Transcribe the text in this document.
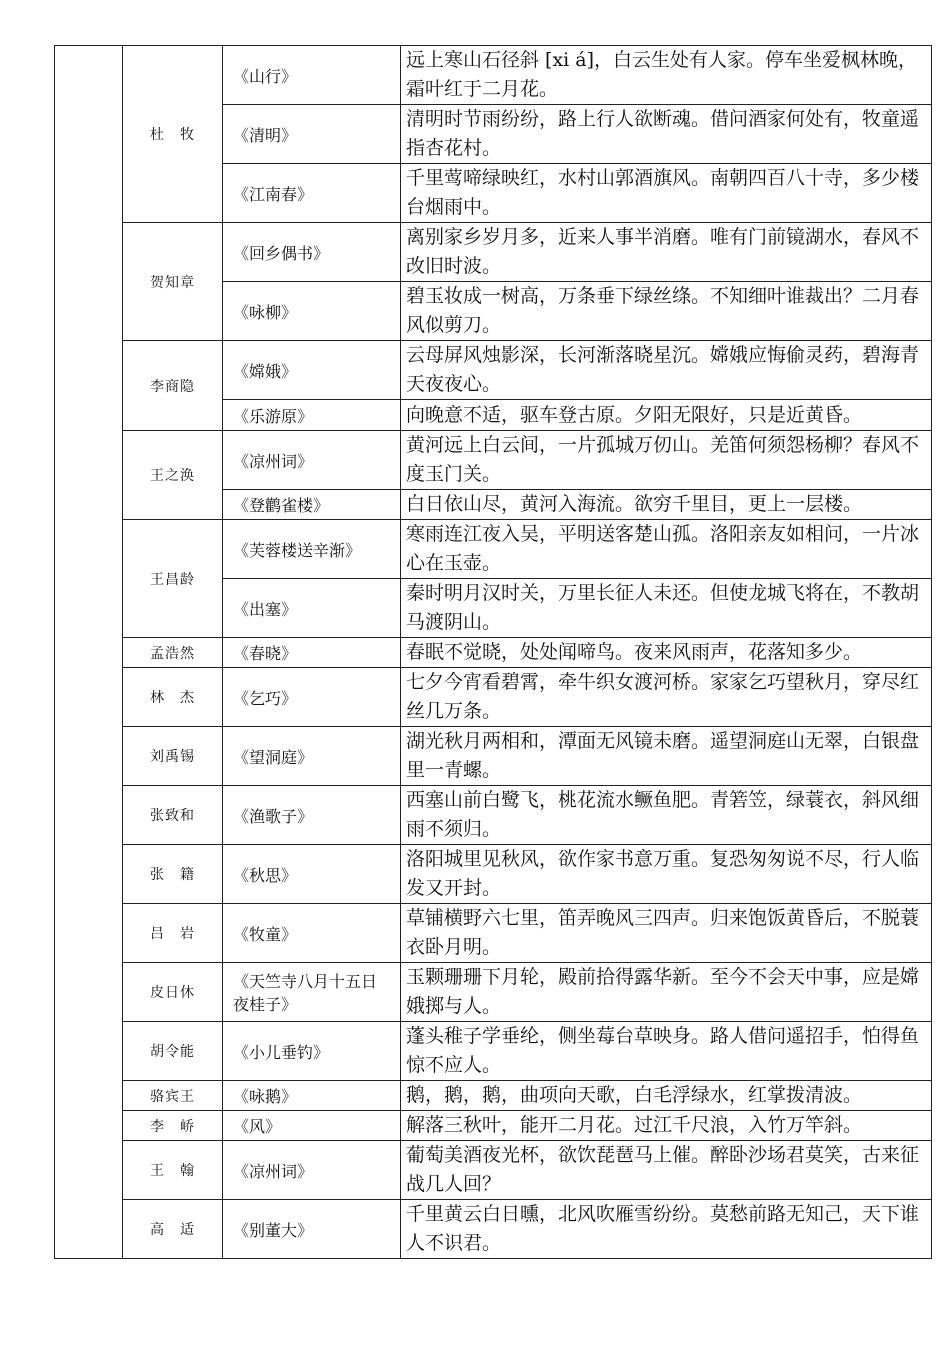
	杜　牧	《山行》	远上寒山石径斜 [xi á]，白云生处有人家。停车坐爱枫林晚，霜叶红于二月花。
		《清明》	清明时节雨纷纷，路上行人欲断魂。借问酒家何处有，牧童遥指杏花村。
		《江南春》	千里莺啼绿映红，水村山郭酒旗风。南朝四百八十寺，多少楼台烟雨中。
	贺知章	《回乡偶书》	离别家乡岁月多，近来人事半消磨。唯有门前镜湖水，春风不改旧时波。
		《咏柳》	碧玉妆成一树高，万条垂下绿丝绦。不知细叶谁裁出？二月春风似剪刀。
	李商隐	《嫦娥》	云母屏风烛影深，长河渐落晓星沉。嫦娥应悔偷灵药，碧海青天夜夜心。
		《乐游原》	向晚意不适，驱车登古原。夕阳无限好，只是近黄昏。
	王之涣	《凉州词》	黄河远上白云间，一片孤城万仞山。羌笛何须怨杨柳？春风不度玉门关。
		《登鹳雀楼》	白日依山尽，黄河入海流。欲穷千里目，更上一层楼。
	王昌龄	《芙蓉楼送辛渐》	寒雨连江夜入吴，平明送客楚山孤。洛阳亲友如相问，一片冰心在玉壶。
		《出塞》	秦时明月汉时关，万里长征人未还。但使龙城飞将在，不教胡马渡阴山。
	孟浩然	《春晓》	春眠不觉晓，处处闻啼鸟。夜来风雨声，花落知多少。
	林　杰	《乞巧》	七夕今宵看碧霄，牵牛织女渡河桥。家家乞巧望秋月，穿尽红丝几万条。
	刘禹锡	《望洞庭》	湖光秋月两相和，潭面无风镜未磨。遥望洞庭山无翠，白银盘里一青螺。
	张致和	《渔歌子》	西塞山前白鹭飞，桃花流水鳜鱼肥。青箬笠，绿蓑衣，斜风细雨不须归。
	张　籍	《秋思》	洛阳城里见秋风，欲作家书意万重。复恐匆匆说不尽，行人临发又开封。
	吕　岩	《牧童》	草铺横野六七里，笛弄晚风三四声。归来饱饭黄昏后，不脱蓑衣卧月明。
	皮日休	《天竺寺八月十五日夜桂子》	玉颗珊珊下月轮，殿前拾得露华新。至今不会天中事，应是嫦娥掷与人。
	胡令能	《小儿垂钓》	蓬头稚子学垂纶，侧坐莓台草映身。路人借问遥招手，怕得鱼惊不应人。
	骆宾王	《咏鹅》	鹅，鹅，鹅，曲项向天歌，白毛浮绿水，红掌拨清波。
	李　峤	《风》	解落三秋叶，能开二月花。过江千尺浪，入竹万竿斜。
	王　翰	《凉州词》	葡萄美酒夜光杯，欲饮琵琶马上催。醉卧沙场君莫笑，古来征战几人回？
	高　适	《别董大》	千里黄云白日曛，北风吹雁雪纷纷。莫愁前路无知己，天下谁人不识君。
